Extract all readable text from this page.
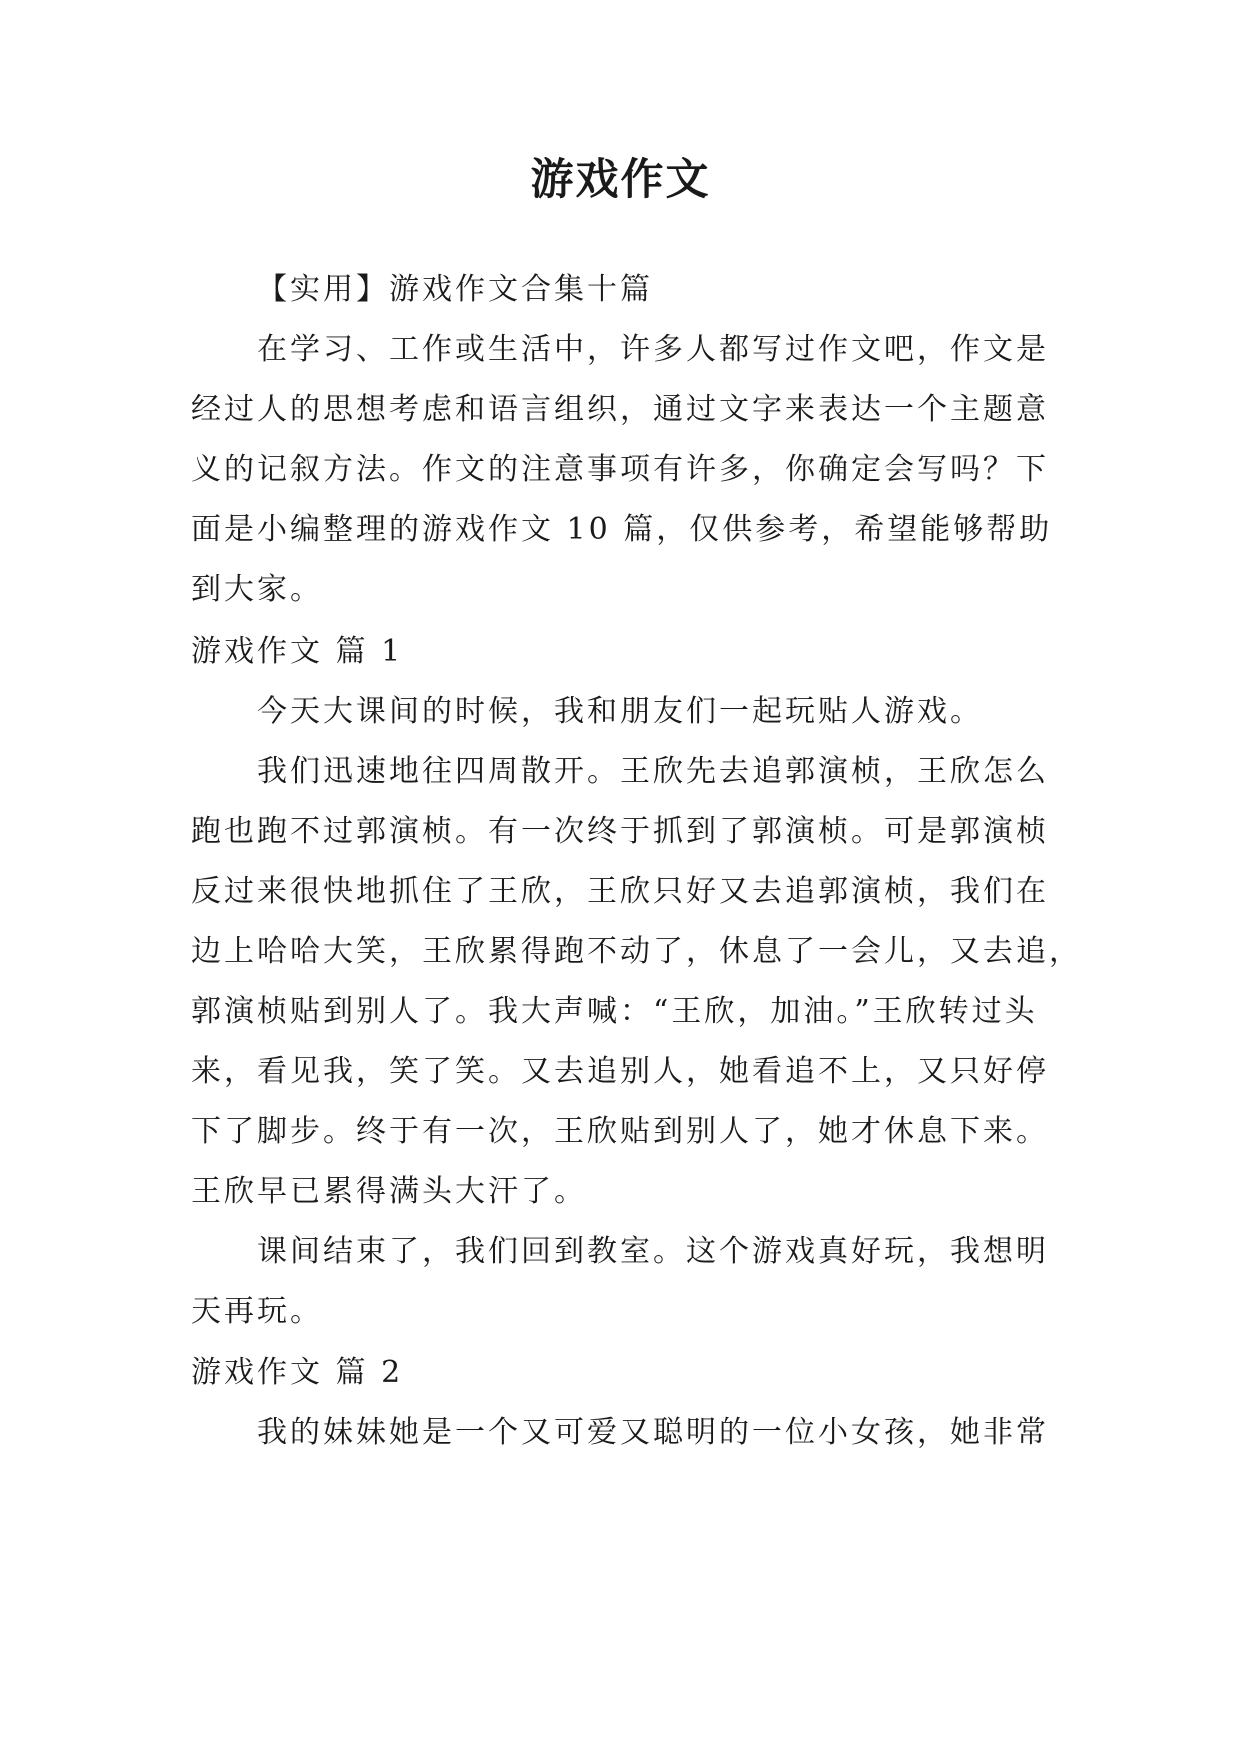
游戏作文

【实用】游戏作文合集十篇

在学习、工作或生活中，许多人都写过作文吧，作文是

经过人的思想考虑和语言组织，通过文字来表达一个主题意

义的记叙方法。作文的注意事项有许多，你确定会写吗？下

面是小编整理的游戏作文 10 篇，仅供参考，希望能够帮助

到大家。

游戏作文 篇 1

今天大课间的时候，我和朋友们一起玩贴人游戏。

我们迅速地往四周散开。王欣先去追郭演桢，王欣怎么

跑也跑不过郭演桢。有一次终于抓到了郭演桢。可是郭演桢

反过来很快地抓住了王欣，王欣只好又去追郭演桢，我们在

边上哈哈大笑，王欣累得跑不动了，休息了一会儿，又去追，

郭演桢贴到别人了。我大声喊：“王欣，加油。”王欣转过头

来，看见我，笑了笑。又去追别人，她看追不上，又只好停

下了脚步。终于有一次，王欣贴到别人了，她才休息下来。

王欣早已累得满头大汗了。

课间结束了，我们回到教室。这个游戏真好玩，我想明

天再玩。

游戏作文 篇 2

我的妹妹她是一个又可爱又聪明的一位小女孩，她非常
